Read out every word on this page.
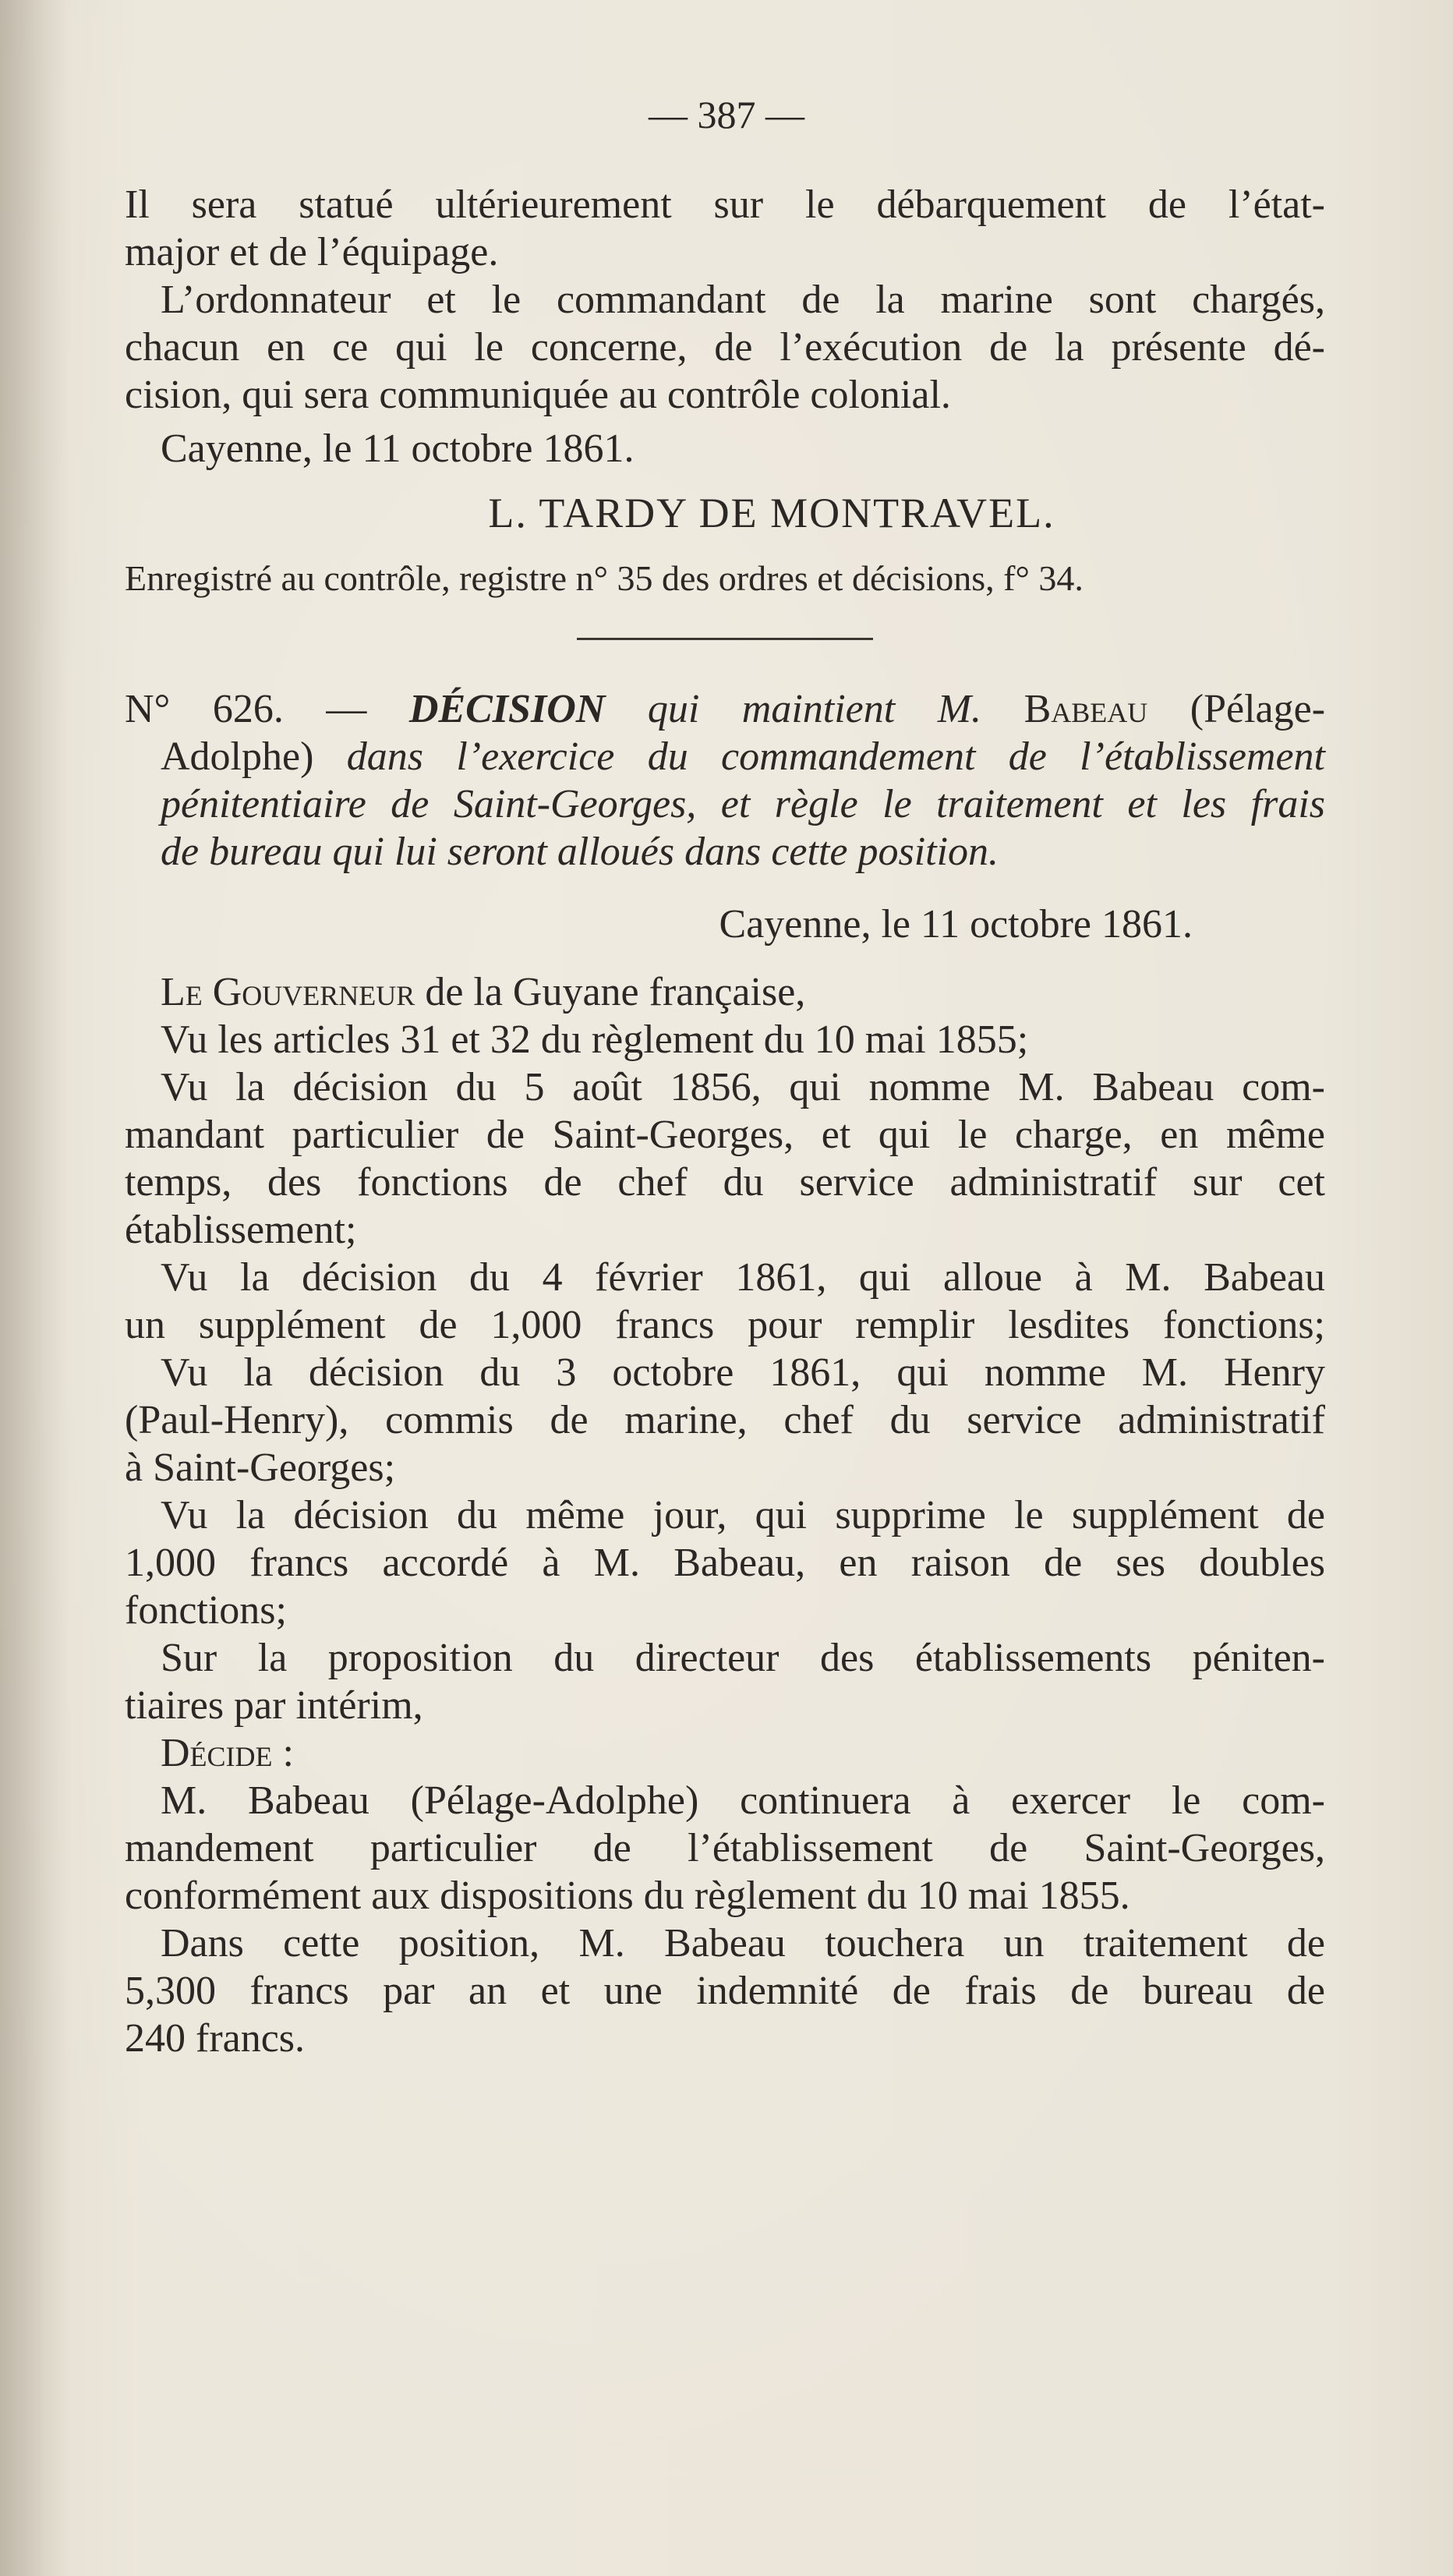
— 387 —
Il sera statué ultérieurement sur le débarquement de l’état-
major et de l’équipage.
L’ordonnateur et le commandant de la marine sont chargés,
chacun en ce qui le concerne, de l’exécution de la présente dé-
cision, qui sera communiquée au contrôle colonial.
Cayenne, le 11 octobre 1861.
L. TARDY DE MONTRAVEL.
Enregistré au contrôle, registre n° 35 des ordres et décisions, f° 34.
N° 626. — DÉCISION qui maintient M. Babeau (Pélage-
Adolphe) dans l’exercice du commandement de l’établissement
pénitentiaire de Saint-Georges, et règle le traitement et les frais
de bureau qui lui seront alloués dans cette position.
Cayenne, le 11 octobre 1861.
Le Gouverneur de la Guyane française,
Vu les articles 31 et 32 du règlement du 10 mai 1855;
Vu la décision du 5 août 1856, qui nomme M. Babeau com-
mandant particulier de Saint-Georges, et qui le charge, en même
temps, des fonctions de chef du service administratif sur cet
établissement;
Vu la décision du 4 février 1861, qui alloue à M. Babeau
un supplément de 1,000 francs pour remplir lesdites fonctions;
Vu la décision du 3 octobre 1861, qui nomme M. Henry
(Paul-Henry), commis de marine, chef du service administratif
à Saint-Georges;
Vu la décision du même jour, qui supprime le supplément de
1,000 francs accordé à M. Babeau, en raison de ses doubles
fonctions;
Sur la proposition du directeur des établissements péniten-
tiaires par intérim,
Décide :
M. Babeau (Pélage-Adolphe) continuera à exercer le com-
mandement particulier de l’établissement de Saint-Georges,
conformément aux dispositions du règlement du 10 mai 1855.
Dans cette position, M. Babeau touchera un traitement de
5,300 francs par an et une indemnité de frais de bureau de
240 francs.
